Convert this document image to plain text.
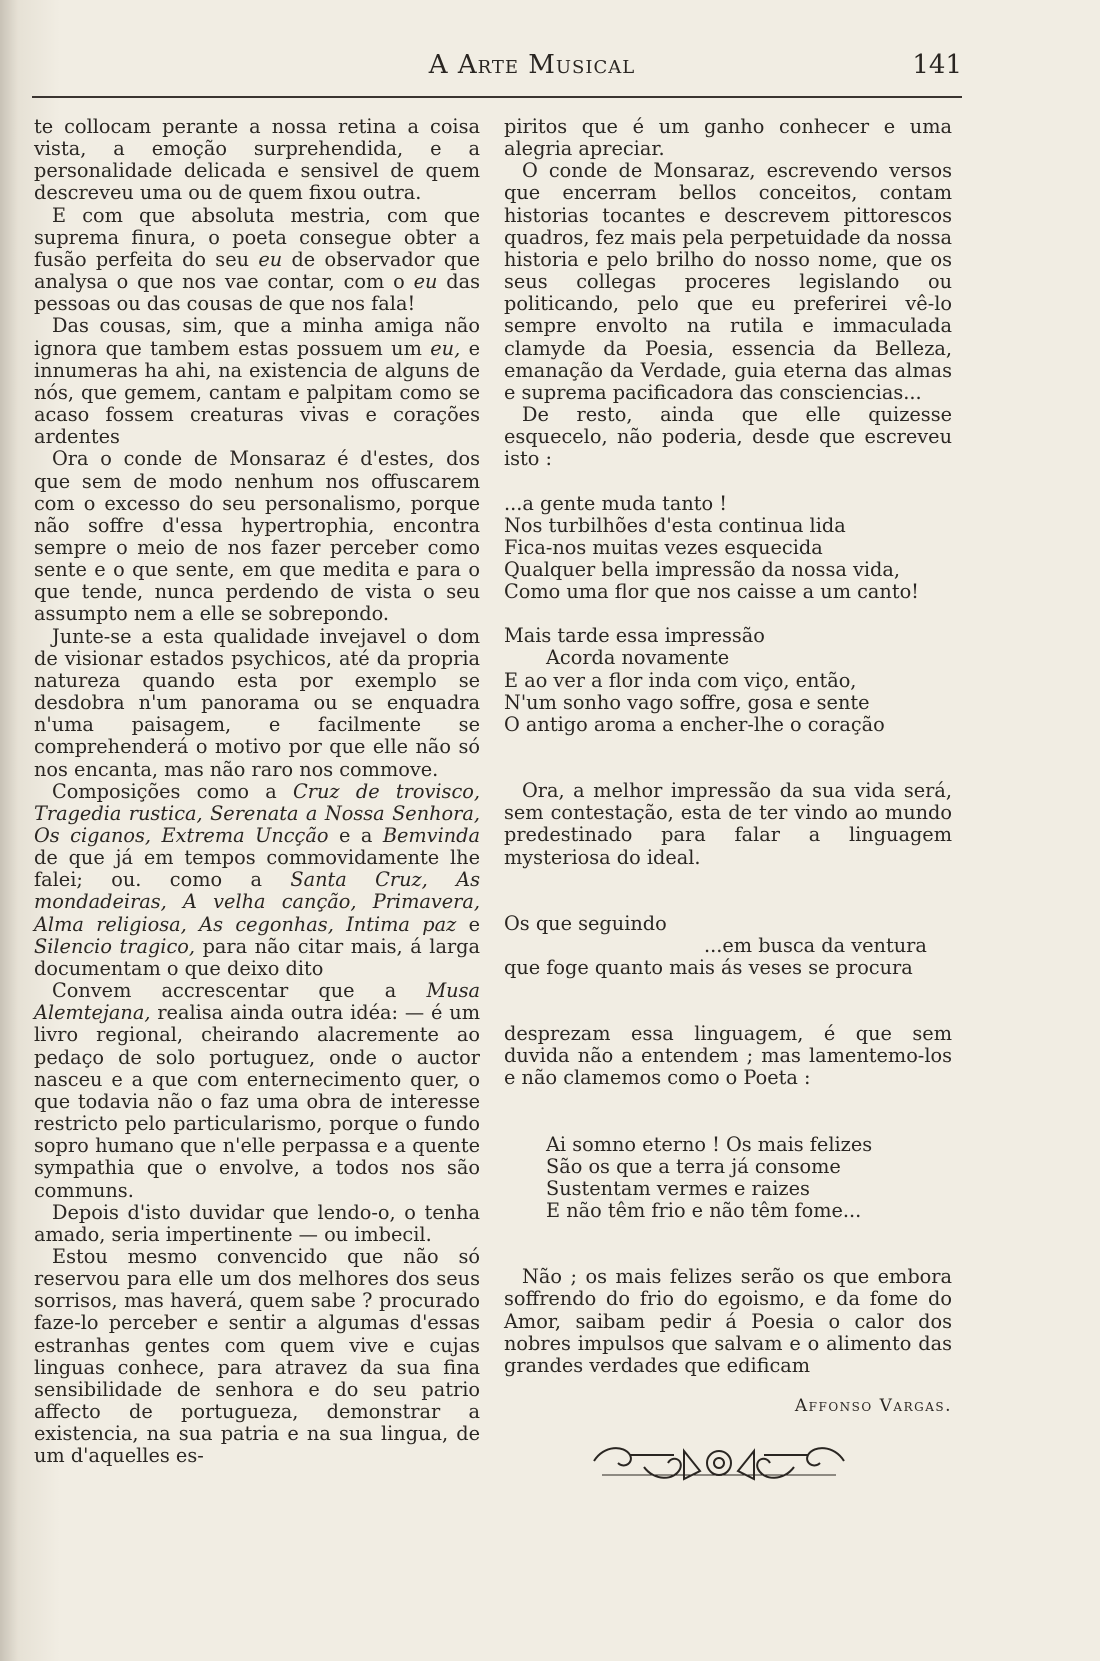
A Arte Musical	141

te collocam perante a nossa retina a coisa vista, a emoção surprehendida, e a personalidade delicada e sensivel de quem descreveu uma ou de quem fixou outra.

E com que absoluta mestria, com que suprema finura, o poeta consegue obter a fusão perfeita do seu eu de observador que analysa o que nos vae contar, com o eu das pessoas ou das cousas de que nos fala!

Das cousas, sim, que a minha amiga não ignora que tambem estas possuem um eu, e innumeras ha ahi, na existencia de alguns de nós, que gemem, cantam e palpitam como se acaso fossem creaturas vivas e corações ardentes

Ora o conde de Monsaraz é d'estes, dos que sem de modo nenhum nos offuscarem com o excesso do seu personalismo, porque não soffre d'essa hypertrophia, encontra sempre o meio de nos fazer perceber como sente e o que sente, em que medita e para o que tende, nunca perdendo de vista o seu assumpto nem a elle se sobrepondo.

Junte-se a esta qualidade invejavel o dom de visionar estados psychicos, até da propria natureza quando esta por exemplo se desdobra n'um panorama ou se enquadra n'uma paisagem, e facilmente se comprehenderá o motivo por que elle não só nos encanta, mas não raro nos commove.

Composições como a Cruz de trovisco, Tragedia rustica, Serenata a Nossa Senhora, Os ciganos, Extrema Uncção e a Bemvinda de que já em tempos commovidamente lhe falei; ou. como a Santa Cruz, As mondadeiras, A velha canção, Primavera, Alma religiosa, As cegonhas, Intima paz e Silencio tragico, para não citar mais, á larga documentam o que deixo dito

Convem accrescentar que a Musa Alemtejana, realisa ainda outra idéa: — é um livro regional, cheirando alacremente ao pedaço de solo portuguez, onde o auctor nasceu e a que com enternecimento quer, o que todavia não o faz uma obra de interesse restricto pelo particularismo, porque o fundo sopro humano que n'elle perpassa e a quente sympathia que o envolve, a todos nos são communs.

Depois d'isto duvidar que lendo-o, o tenha amado, seria impertinente — ou imbecil.

Estou mesmo convencido que não só reservou para elle um dos melhores dos seus sorrisos, mas haverá, quem sabe ? procurado faze-lo perceber e sentir a algumas d'essas estranhas gentes com quem vive e cujas linguas conhece, para atravez da sua fina sensibilidade de senhora e do seu patrio affecto de portugueza, demonstrar a existencia, na sua patria e na sua lingua, de um d'aquelles es-

piritos que é um ganho conhecer e uma alegria apreciar.

O conde de Monsaraz, escrevendo versos que encerram bellos conceitos, contam historias tocantes e descrevem pittorescos quadros, fez mais pela perpetuidade da nossa historia e pelo brilho do nosso nome, que os seus collegas proceres legislando ou politicando, pelo que eu preferirei vê-lo sempre envolto na rutila e immaculada clamyde da Poesia, essencia da Belleza, emanação da Verdade, guia eterna das almas e suprema pacificadora das consciencias...

De resto, ainda que elle quizesse esquecelo, não poderia, desde que escreveu isto :

...a gente muda tanto !
Nos turbilhões d'esta continua lida
Fica-nos muitas vezes esquecida
Qualquer bella impressão da nossa vida,
Como uma flor que nos caisse a um canto!
Mais tarde essa impressão
Acorda novamente
E ao ver a flor inda com viço, então,
N'um sonho vago soffre, gosa e sente
O antigo aroma a encher-lhe o coração

Ora, a melhor impressão da sua vida será, sem contestação, esta de ter vindo ao mundo predestinado para falar a linguagem mysteriosa do ideal.

Os que seguindo
...em busca da ventura
que foge quanto mais ás veses se procura

desprezam essa linguagem, é que sem duvida não a entendem ; mas lamentemo-los e não clamemos como o Poeta :

Ai somno eterno ! Os mais felizes
São os que a terra já consome
Sustentam vermes e raizes
E não têm frio e não têm fome...

Não ; os mais felizes serão os que embora soffrendo do frio do egoismo, e da fome do Amor, saibam pedir á Poesia o calor dos nobres impulsos que salvam e o alimento das grandes verdades que edificam

Affonso Vargas.
